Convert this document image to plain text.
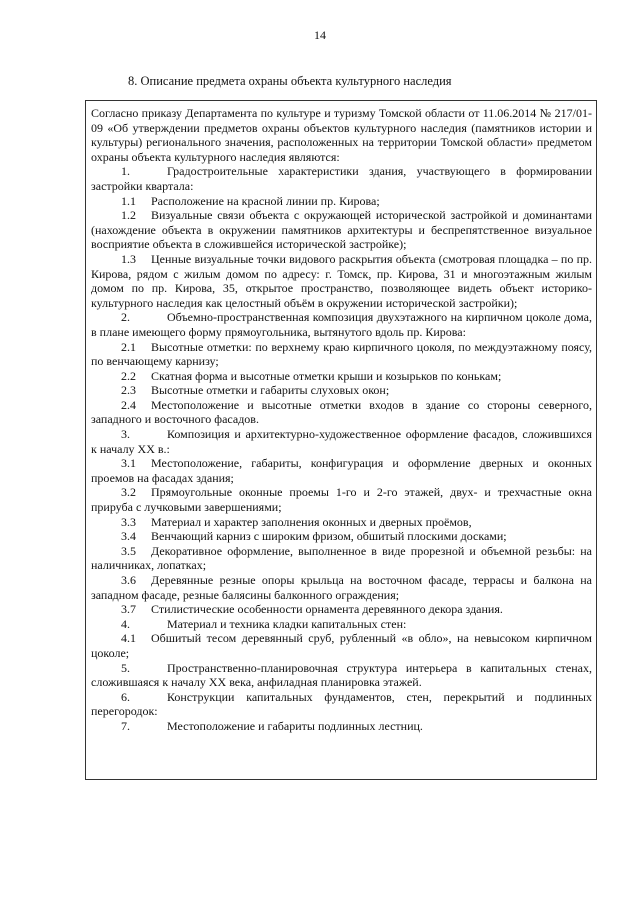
14
8. Описание предмета охраны объекта культурного наследия

Согласно приказу Департамента по культуре и туризму Томской области от 11.06.2014 № 217/01-09 «Об утверждении предметов охраны объектов культурного наследия (памятников истории и культуры) регионального значения, расположенных на территории Томской области» предметом охраны объекта культурного наследия являются:

1.	Градостроительные характеристики здания, участвующего в формировании застройки квартала:

1.1 Расположение на красной линии пр. Кирова;

1.2 Визуальные связи объекта с окружающей исторической застройкой и доминантами (нахождение объекта в окружении памятников архитектуры и беспрепятственное визуальное восприятие объекта в сложившейся исторической застройке);

1.3 Ценные визуальные точки видового раскрытия объекта (смотровая площадка – по пр. Кирова, рядом с жилым домом по адресу: г. Томск, пр. Кирова, 31 и многоэтажным жилым домом по пр. Кирова, 35, открытое пространство, позволяющее видеть объект историко-культурного наследия как целостный объём в окружении исторической застройки);

2.	Объемно-пространственная композиция двухэтажного на кирпичном цоколе дома, в плане имеющего форму прямоугольника, вытянутого вдоль пр. Кирова:

2.1 Высотные отметки: по верхнему краю кирпичного цоколя, по междуэтажному поясу, по венчающему карнизу;

2.2 Скатная форма и высотные отметки крыши и козырьков по конькам;

2.3 Высотные отметки и габариты слуховых окон;

2.4 Местоположение и высотные отметки входов в здание со стороны северного, западного и восточного фасадов.

3.	Композиция и архитектурно-художественное оформление фасадов, сложившихся к началу XX в.:

3.1 Местоположение, габариты, конфигурация и оформление дверных и оконных проемов на фасадах здания;

3.2 Прямоугольные оконные проемы 1-го и 2-го этажей, двух- и трехчастные окна прируба с лучковыми завершениями;

3.3 Материал и характер заполнения оконных и дверных проёмов,

3.4 Венчающий карниз с широким фризом, обшитый плоскими досками;

3.5 Декоративное оформление, выполненное в виде прорезной и объемной резьбы: на наличниках, лопатках;

3.6 Деревянные резные опоры крыльца на восточном фасаде, террасы и балкона на западном фасаде, резные балясины балконного ограждения;

3.7 Стилистические особенности орнамента деревянного декора здания.

4.	Материал и техника кладки капитальных стен:

4.1 Обшитый тесом деревянный сруб, рубленный «в обло», на невысоком кирпичном цоколе;

5.	Пространственно-планировочная структура интерьера в капитальных стенах, сложившаяся к началу XX века, анфиладная планировка этажей.

6.	Конструкции капитальных фундаментов, стен, перекрытий и подлинных перегородок:

7.	Местоположение и габариты подлинных лестниц.
